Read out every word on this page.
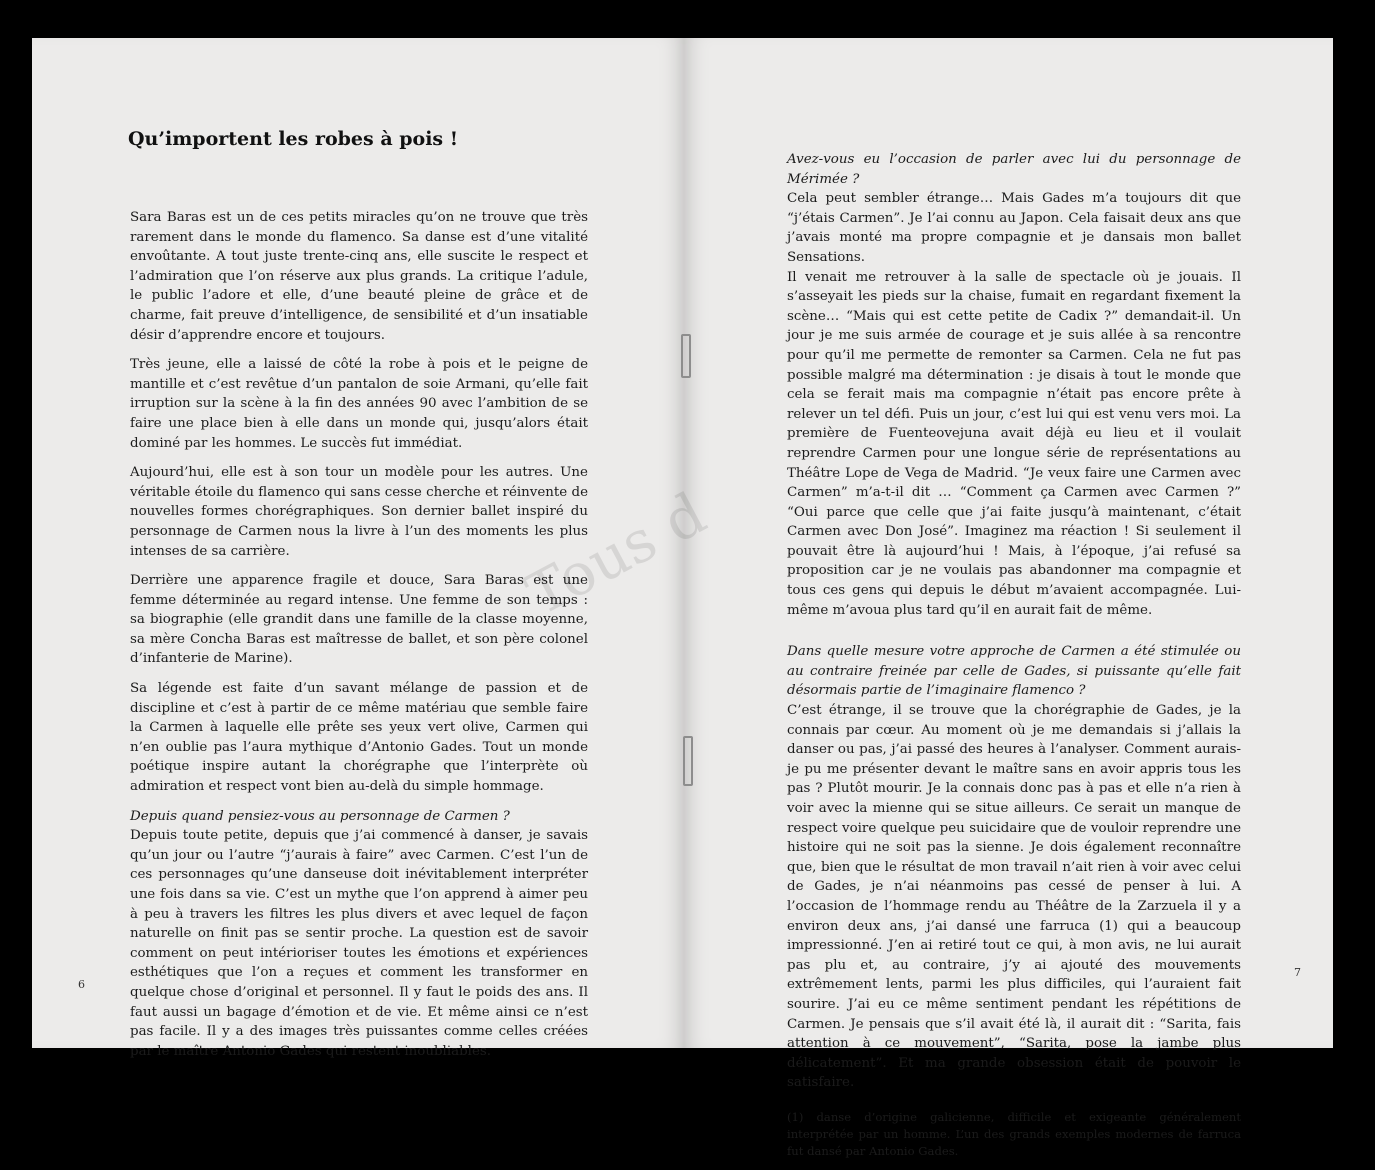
Qu’importent les robes à pois !

Sara Baras est un de ces petits miracles qu’on ne trouve que très rarement dans le monde du flamenco. Sa danse est d’une vitalité envoûtante. A tout juste trente-cinq ans, elle suscite le respect et l’admiration que l’on réserve aux plus grands. La critique l’adule, le public l’adore et elle, d’une beauté pleine de grâce et de charme, fait preuve d’intelligence, de sensibilité et d’un insatiable désir d’apprendre encore et toujours.

Très jeune, elle a laissé de côté la robe à pois et le peigne de mantille et c’est revêtue d’un pantalon de soie Armani, qu’elle fait irruption sur la scène à la fin des années 90 avec l’ambition de se faire une place bien à elle dans un monde qui, jusqu’alors était dominé par les hommes. Le succès fut immédiat.

Aujourd’hui, elle est à son tour un modèle pour les autres. Une véritable étoile du flamenco qui sans cesse cherche et réinvente de nouvelles formes chorégraphiques. Son dernier ballet inspiré du personnage de Carmen nous la livre à l’un des moments les plus intenses de sa carrière.

Derrière une apparence fragile et douce, Sara Baras est une femme déterminée au regard intense. Une femme de son temps : sa biographie (elle grandit dans une famille de la classe moyenne, sa mère Concha Baras est maîtresse de ballet, et son père colonel d’infanterie de Marine).

Sa légende est faite d’un savant mélange de passion et de discipline et c’est à partir de ce même matériau que semble faire la Carmen à laquelle elle prête ses yeux vert olive, Carmen qui n’en oublie pas l’aura mythique d’Antonio Gades. Tout un monde poétique inspire autant la chorégraphe que l’interprète où admiration et respect vont bien au-delà du simple hommage.

Depuis quand pensiez-vous au personnage de Carmen ?

Depuis toute petite, depuis que j’ai commencé à danser, je savais qu’un jour ou l’autre “j’aurais à faire” avec Carmen. C’est l’un de ces personnages qu’une danseuse doit inévitablement interpréter une fois dans sa vie. C’est un mythe que l’on apprend à aimer peu à peu à travers les filtres les plus divers et avec lequel de façon naturelle on finit pas se sentir proche. La question est de savoir comment on peut intérioriser toutes les émotions et expériences esthétiques que l’on a reçues et comment les transformer en quelque chose d’original et personnel. Il y faut le poids des ans. Il faut aussi un bagage d’émotion et de vie. Et même ainsi ce n’est pas facile. Il y a des images très puissantes comme celles créées par le maître Antonio Gades qui restent inoubliables.

6

Avez-vous eu l’occasion de parler avec lui du personnage de Mérimée ?

Cela peut sembler étrange… Mais Gades m’a toujours dit que “j’étais Carmen”. Je l’ai connu au Japon. Cela faisait deux ans que j’avais monté ma propre compagnie et je dansais mon ballet Sensations.

Il venait me retrouver à la salle de spectacle où je jouais. Il s’asseyait les pieds sur la chaise, fumait en regardant fixement la scène… “Mais qui est cette petite de Cadix ?” demandait-il. Un jour je me suis armée de courage et je suis allée à sa rencontre pour qu’il me permette de remonter sa Carmen. Cela ne fut pas possible malgré ma détermination : je disais à tout le monde que cela se ferait mais ma compagnie n’était pas encore prête à relever un tel défi. Puis un jour, c’est lui qui est venu vers moi. La première de Fuenteovejuna avait déjà eu lieu et il voulait reprendre Carmen pour une longue série de représentations au Théâtre Lope de Vega de Madrid. “Je veux faire une Carmen avec Carmen” m’a-t-il dit … “Comment ça Carmen avec Carmen ?” “Oui parce que celle que j’ai faite jusqu’à maintenant, c’était Carmen avec Don José”. Imaginez ma réaction ! Si seulement il pouvait être là aujourd’hui ! Mais, à l’époque, j’ai refusé sa proposition car je ne voulais pas abandonner ma compagnie et tous ces gens qui depuis le début m’avaient accompagnée. Lui-même m’avoua plus tard qu’il en aurait fait de même.

Dans quelle mesure votre approche de Carmen a été stimulée ou au contraire freinée par celle de Gades, si puissante qu’elle fait désormais partie de l’imaginaire flamenco ?

C’est étrange, il se trouve que la chorégraphie de Gades, je la connais par cœur. Au moment où je me demandais si j’allais la danser ou pas, j’ai passé des heures à l’analyser. Comment aurais-je pu me présenter devant le maître sans en avoir appris tous les pas ? Plutôt mourir. Je la connais donc pas à pas et elle n’a rien à voir avec la mienne qui se situe ailleurs. Ce serait un manque de respect voire quelque peu suicidaire que de vouloir reprendre une histoire qui ne soit pas la sienne. Je dois également reconnaître que, bien que le résultat de mon travail n’ait rien à voir avec celui de Gades, je n’ai néanmoins pas cessé de penser à lui. A l’occasion de l’hommage rendu au Théâtre de la Zarzuela il y a environ deux ans, j’ai dansé une farruca (1) qui a beaucoup impressionné. J’en ai retiré tout ce qui, à mon avis, ne lui aurait pas plu et, au contraire, j’y ai ajouté des mouvements extrêmement lents, parmi les plus difficiles, qui l’auraient fait sourire. J’ai eu ce même sentiment pendant les répétitions de Carmen. Je pensais que s’il avait été là, il aurait dit : “Sarita, fais attention à ce mouvement”, “Sarita, pose la jambe plus délicatement”. Et ma grande obsession était de pouvoir le satisfaire.

(1) danse d’origine galicienne, difficile et exigeante généralement interprétée par un homme. L’un des grands exemples modernes de farruca fut dansé par Antonio Gades.

7
